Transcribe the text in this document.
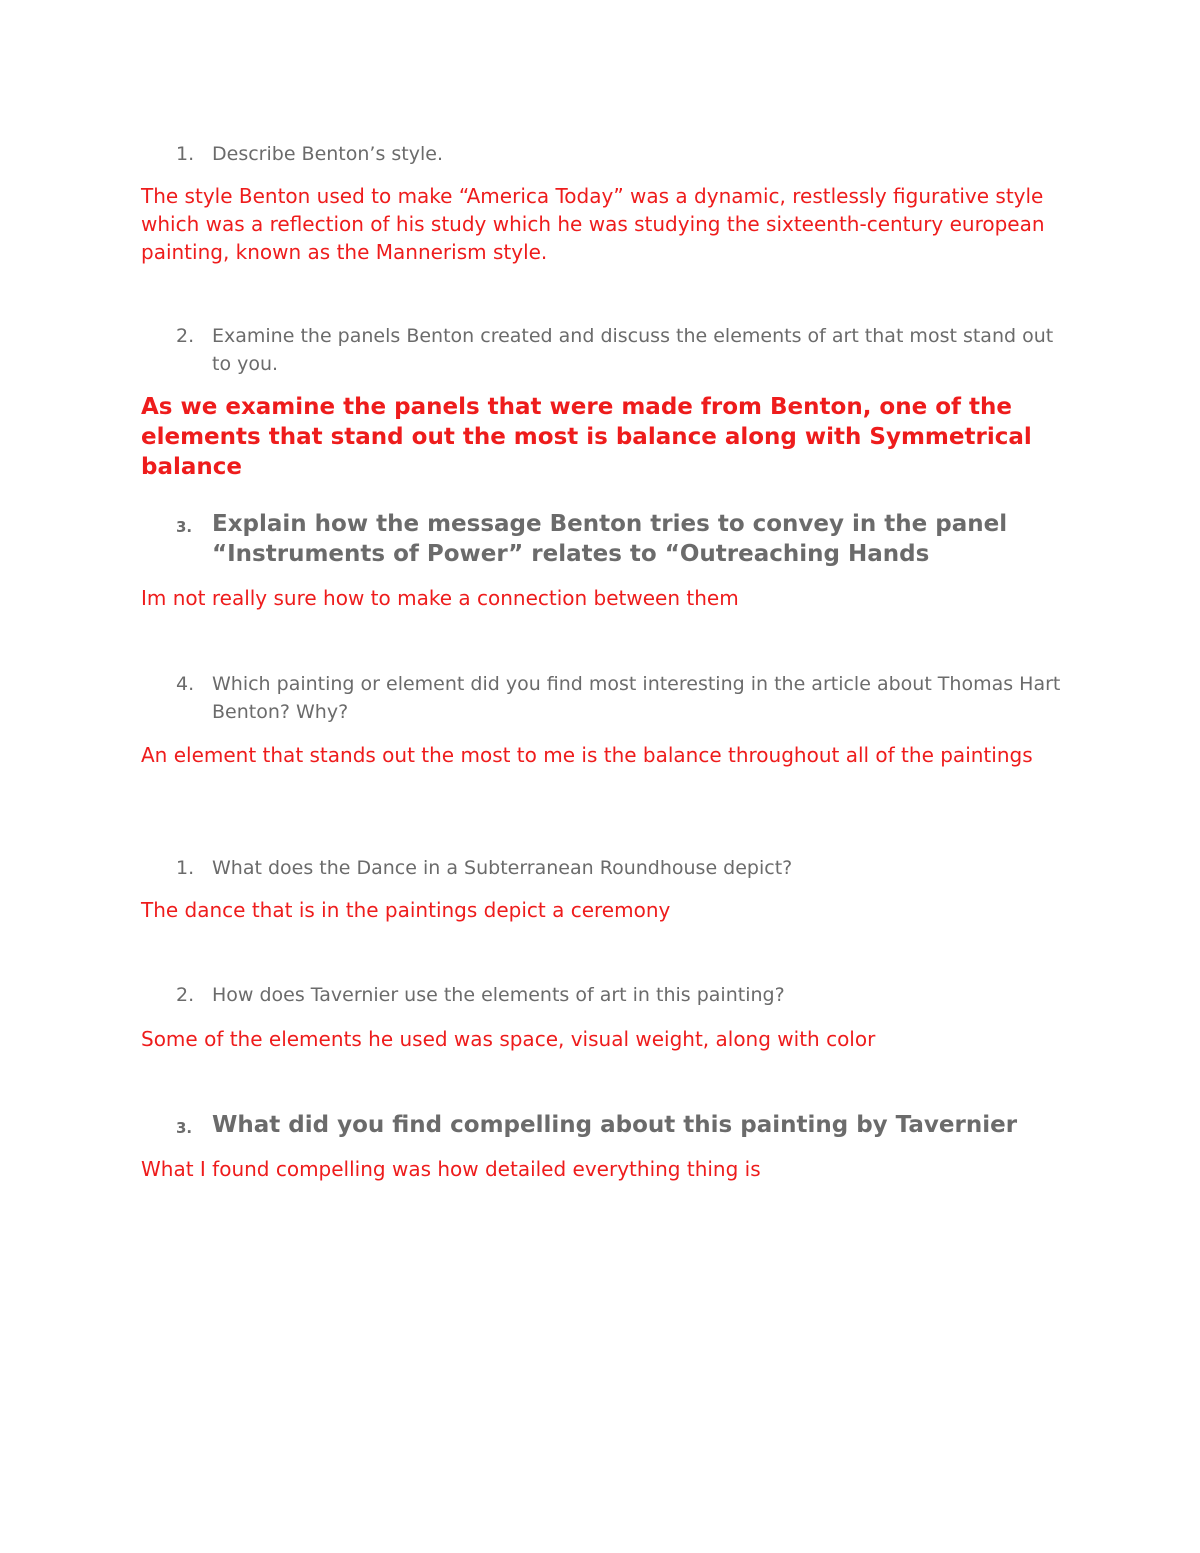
1. Describe Benton’s style.
The style Benton used to make “America Today” was a dynamic, restlessly figurative style which was a reflection of his study which he was studying the sixteenth-century european painting, known as the Mannerism style.
2. Examine the panels Benton created and discuss the elements of art that most stand out to you.
As we examine the panels that were made from Benton, one of the elements that stand out the most is balance along with Symmetrical balance
3. Explain how the message Benton tries to convey in the panel “Instruments of Power” relates to “Outreaching Hands
Im not really sure how to make a connection between them
4. Which painting or element did you find most interesting in the article about Thomas Hart Benton? Why?
An element that stands out the most to me is the balance throughout all of the paintings
1. What does the Dance in a Subterranean Roundhouse depict?
The dance that is in the paintings depict a ceremony
2. How does Tavernier use the elements of art in this painting?
Some of the elements he used was space, visual weight, along with color
3. What did you find compelling about this painting by Tavernier
What I found compelling was how detailed everything thing is
